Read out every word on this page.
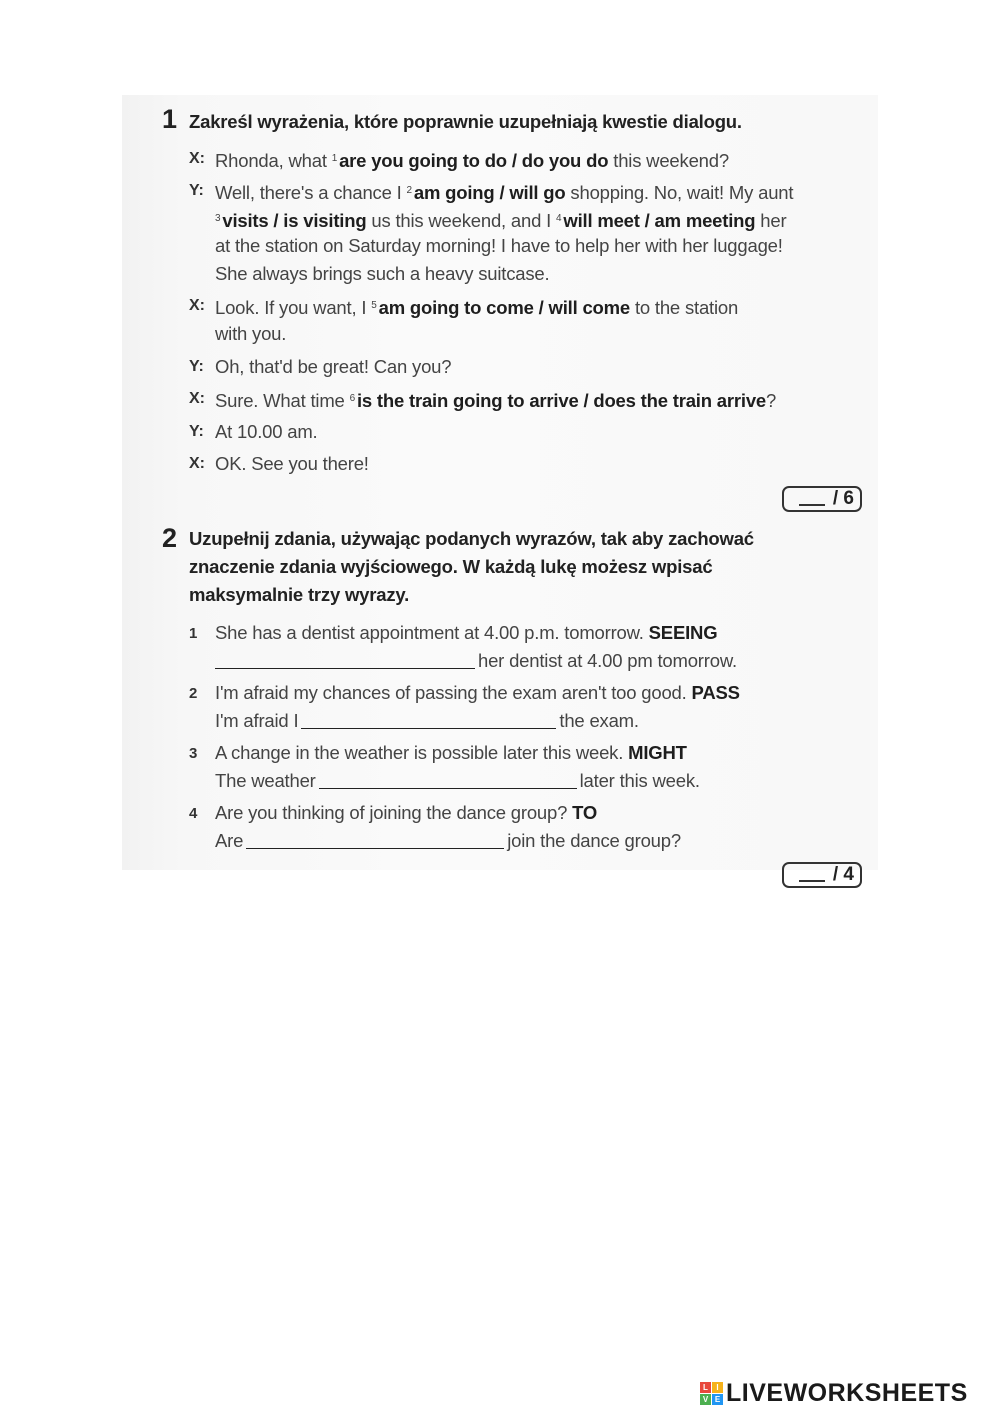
1 Zakreśl wyrażenia, które poprawnie uzupełniają kwestie dialogu.
X: Rhonda, what $^1$ are you going to do / do you do this weekend?
Y: Well, there's a chance I $^2$ am going / will go shopping. No, wait! My aunt
$^3$ visits / is visiting us this weekend, and I $^4$ will meet / am meeting her
at the station on Saturday morning! I have to help her with her luggage!
She always brings such a heavy suitcase.
X: Look. If you want, I $^5$ am going to come / will come to the station
with you.
Y: Oh, that'd be great! Can you?
X: Sure. What time $^6$ is the train going to arrive / does the train arrive?
Y: At 10.00 am.
X: OK. See you there!
/ 6
2 Uzupełnij zdania, używając podanych wyrazów, tak aby zachować
znaczenie zdania wyjściowego. W każdą lukę możesz wpisać
maksymalnie trzy wyrazy.
1 She has a dentist appointment at 4.00 p.m. tomorrow. SEEING
her dentist at 4.00 pm tomorrow.
2 I'm afraid my chances of passing the exam aren't too good. PASS
I'm afraid I	the exam.
3 A change in the weather is possible later this week. MIGHT
The weather	later this week.
4 Are you thinking of joining the dance group? TO
Are	join the dance group?
/ 4
L	I
V E LIVEWORKSHEETS
